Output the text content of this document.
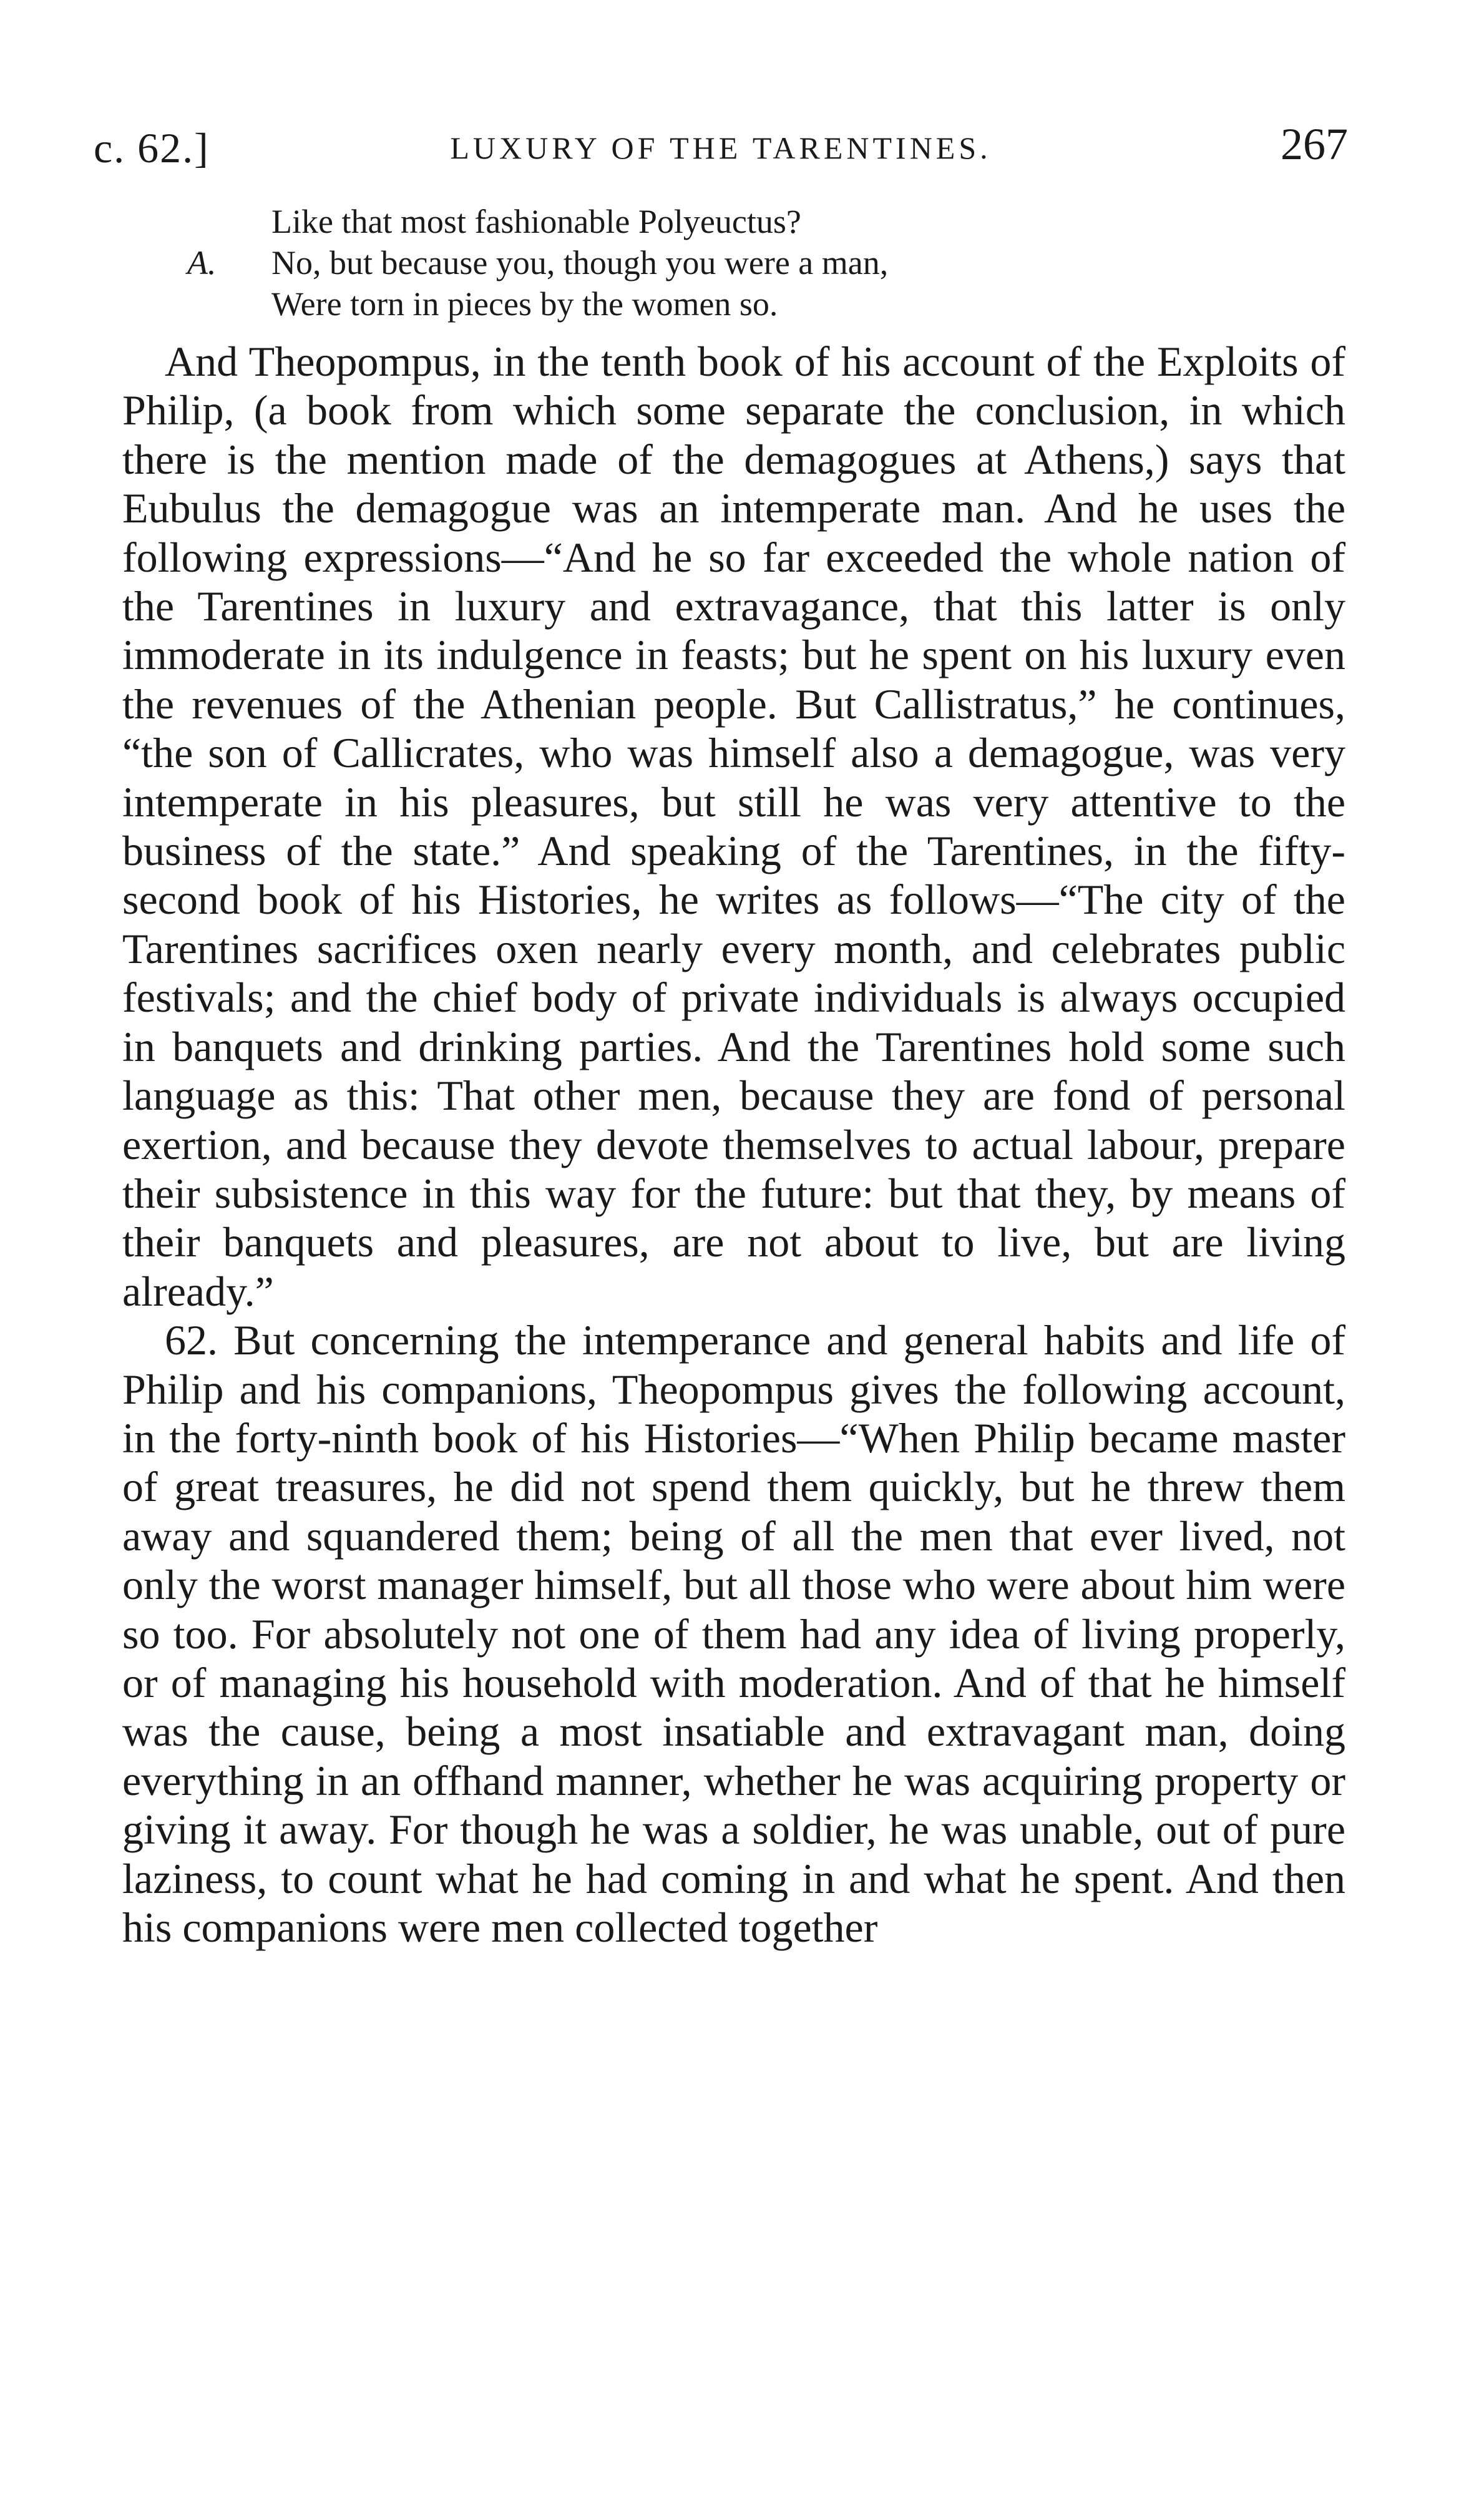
c. 62.]	LUXURY OF THE TARENTINES.	267
Like that most fashionable Polyeuctus?
A. No, but because you, though you were a man,
Were torn in pieces by the women so.

And Theopompus, in the tenth book of his account of the Exploits of Philip, (a book from which some separate the conclusion, in which there is the mention made of the demagogues at Athens,) says that Eubulus the demagogue was an intemperate man. And he uses the following expressions—“And he so far exceeded the whole nation of the Tarentines in luxury and extravagance, that this latter is only immoderate in its indulgence in feasts; but he spent on his luxury even the revenues of the Athenian people. But Callistratus,” he continues, “the son of Callicrates, who was himself also a demagogue, was very intemperate in his pleasures, but still he was very attentive to the business of the state.” And speaking of the Tarentines, in the fifty-second book of his Histories, he writes as follows—“The city of the Tarentines sacrifices oxen nearly every month, and celebrates public festivals; and the chief body of private individuals is always occupied in banquets and drinking parties. And the Tarentines hold some such language as this: That other men, because they are fond of personal exertion, and because they devote themselves to actual labour, prepare their subsistence in this way for the future: but that they, by means of their banquets and pleasures, are not about to live, but are living already.”

62. But concerning the intemperance and general habits and life of Philip and his companions, Theopompus gives the following account, in the forty-ninth book of his Histories—“When Philip became master of great treasures, he did not spend them quickly, but he threw them away and squandered them; being of all the men that ever lived, not only the worst manager himself, but all those who were about him were so too. For absolutely not one of them had any idea of living properly, or of managing his household with moderation. And of that he himself was the cause, being a most insatiable and extravagant man, doing everything in an offhand manner, whether he was acquiring property or giving it away. For though he was a soldier, he was unable, out of pure laziness, to count what he had coming in and what he spent. And then his companions were men collected together
